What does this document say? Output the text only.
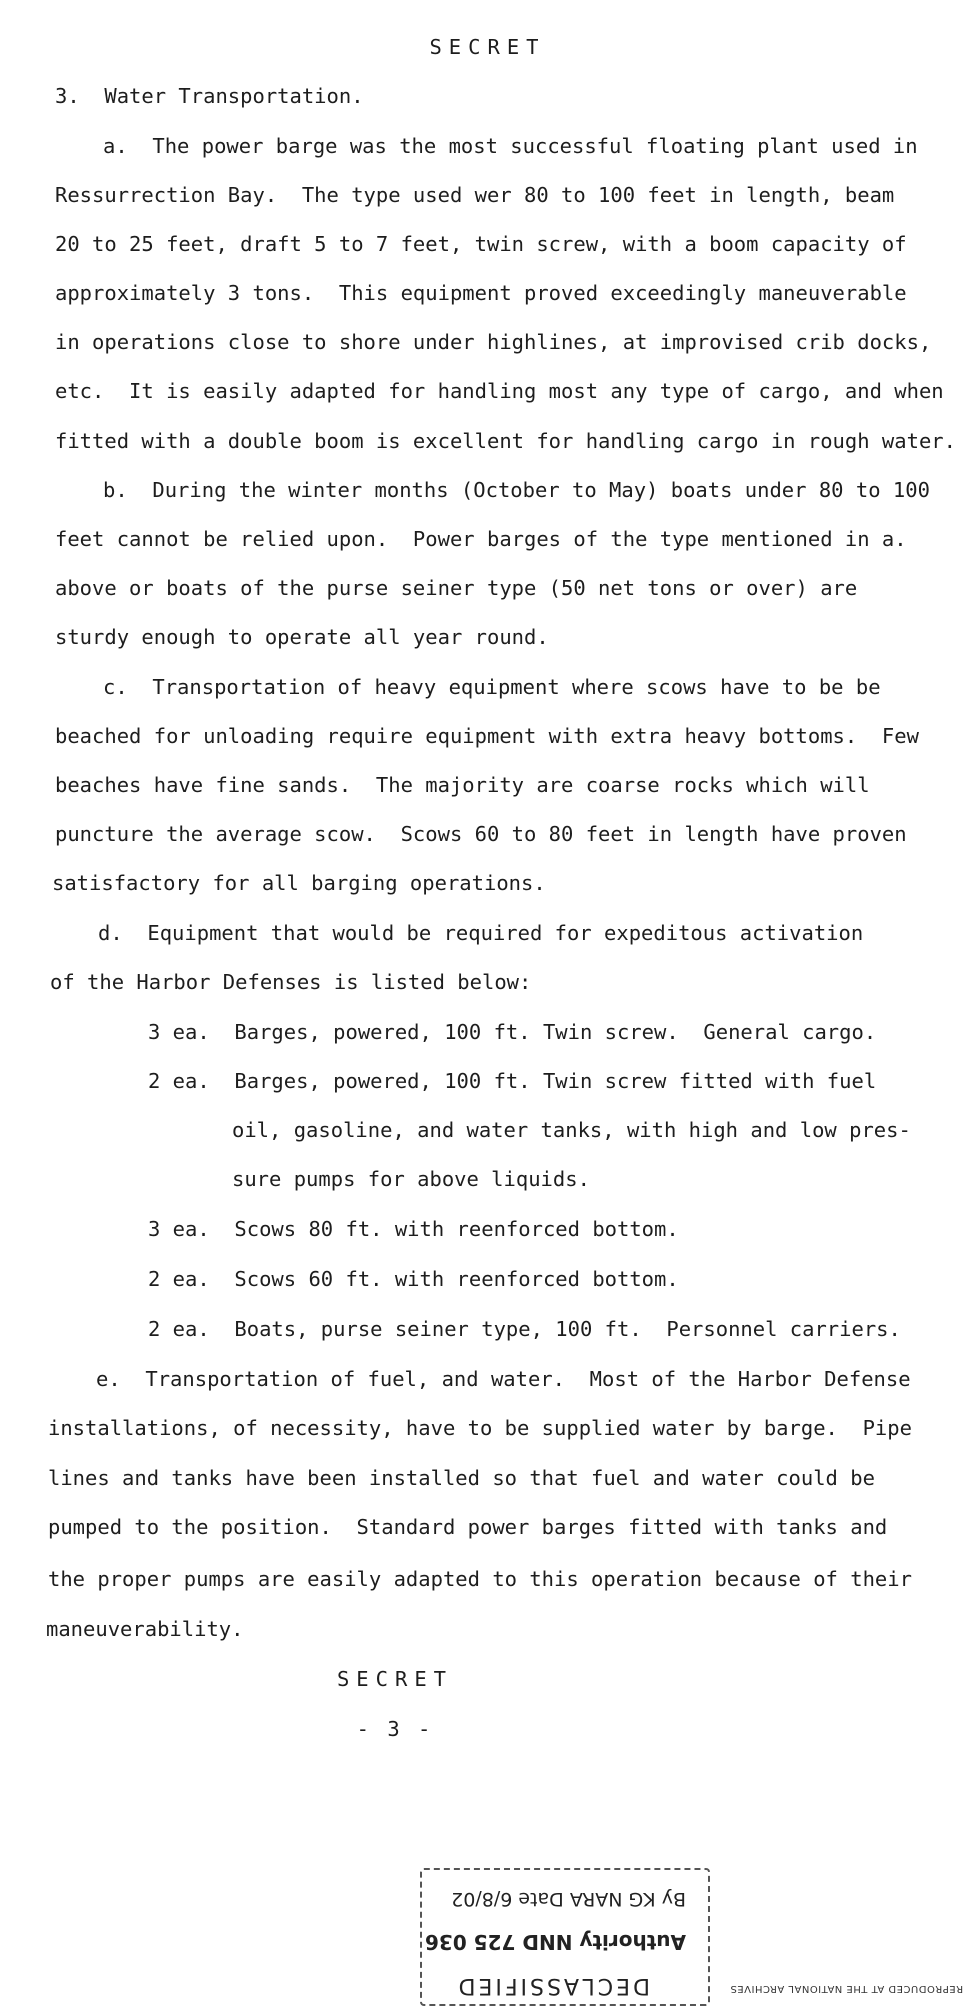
SECRET
3.  Water Transportation.
a.  The power barge was the most successful floating plant used in
Ressurrection Bay.  The type used wer 80 to 100 feet in length, beam
20 to 25 feet, draft 5 to 7 feet, twin screw, with a boom capacity of
approximately 3 tons.  This equipment proved exceedingly maneuverable
in operations close to shore under highlines, at improvised crib docks,
etc.  It is easily adapted for handling most any type of cargo, and when
fitted with a double boom is excellent for handling cargo in rough water.
b.  During the winter months (October to May) boats under 80 to 100
feet cannot be relied upon.  Power barges of the type mentioned in a.
above or boats of the purse seiner type (50 net tons or over) are
sturdy enough to operate all year round.
c.  Transportation of heavy equipment where scows have to be be
beached for unloading require equipment with extra heavy bottoms.  Few
beaches have fine sands.  The majority are coarse rocks which will
puncture the average scow.  Scows 60 to 80 feet in length have proven
satisfactory for all barging operations.
d.  Equipment that would be required for expeditous activation
of the Harbor Defenses is listed below:
3 ea.  Barges, powered, 100 ft. Twin screw.  General cargo.
2 ea.  Barges, powered, 100 ft. Twin screw fitted with fuel
oil, gasoline, and water tanks, with high and low pres-
sure pumps for above liquids.
3 ea.  Scows 80 ft. with reenforced bottom.
2 ea.  Scows 60 ft. with reenforced bottom.
2 ea.  Boats, purse seiner type, 100 ft.  Personnel carriers.
e.  Transportation of fuel, and water.  Most of the Harbor Defense
installations, of necessity, have to be supplied water by barge.  Pipe
lines and tanks have been installed so that fuel and water could be
pumped to the position.  Standard power barges fitted with tanks and
the proper pumps are easily adapted to this operation because of their
maneuverability.
SECRET
- 3 -
DECLASSIFIED
Authority NND 725 036
By KG NARA Date 6/8/02
REPRODUCED AT THE NATIONAL ARCHIVES
